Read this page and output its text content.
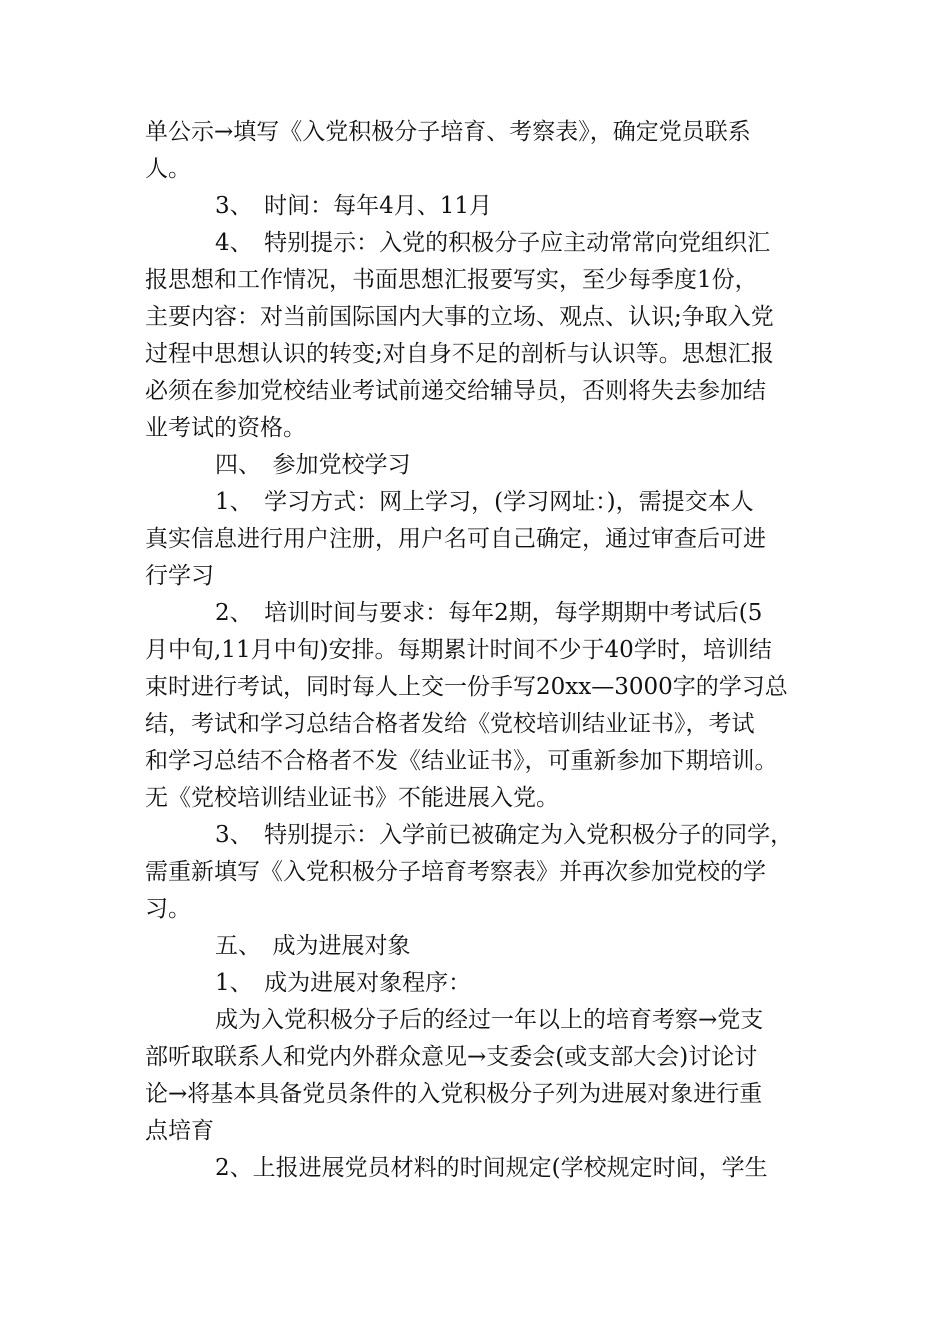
单公示→填写《入党积极分子培育、考察表》，确定党员联系
人。
3、　时间：每年4月、11月
4、　特别提示：入党的积极分子应主动常常向党组织汇
报思想和工作情况，书面思想汇报要写实，至少每季度1份，
主要内容：对当前国际国内大事的立场、观点、认识;争取入党
过程中思想认识的转变;对自身不足的剖析与认识等。思想汇报
必须在参加党校结业考试前递交给辅导员，否则将失去参加结
业考试的资格。
四、　参加党校学习
1、　学习方式：网上学习，(学习网址：)，需提交本人
真实信息进行用户注册，用户名可自己确定，通过审查后可进
行学习
2、　培训时间与要求：每年2期，每学期期中考试后(5
月中旬,11月中旬)安排。每期累计时间不少于40学时，培训结
束时进行考试，同时每人上交一份手写20xx—3000字的学习总
结，考试和学习总结合格者发给《党校培训结业证书》，考试
和学习总结不合格者不发《结业证书》，可重新参加下期培训。
无《党校培训结业证书》不能进展入党。
3、　特别提示：入学前已被确定为入党积极分子的同学，
需重新填写《入党积极分子培育考察表》并再次参加党校的学
习。
五、　成为进展对象
1、　成为进展对象程序：
成为入党积极分子后的经过一年以上的培育考察→党支
部听取联系人和党内外群众意见→支委会(或支部大会)讨论讨
论→将基本具备党员条件的入党积极分子列为进展对象进行重
点培育
2、上报进展党员材料的时间规定(学校规定时间，学生
